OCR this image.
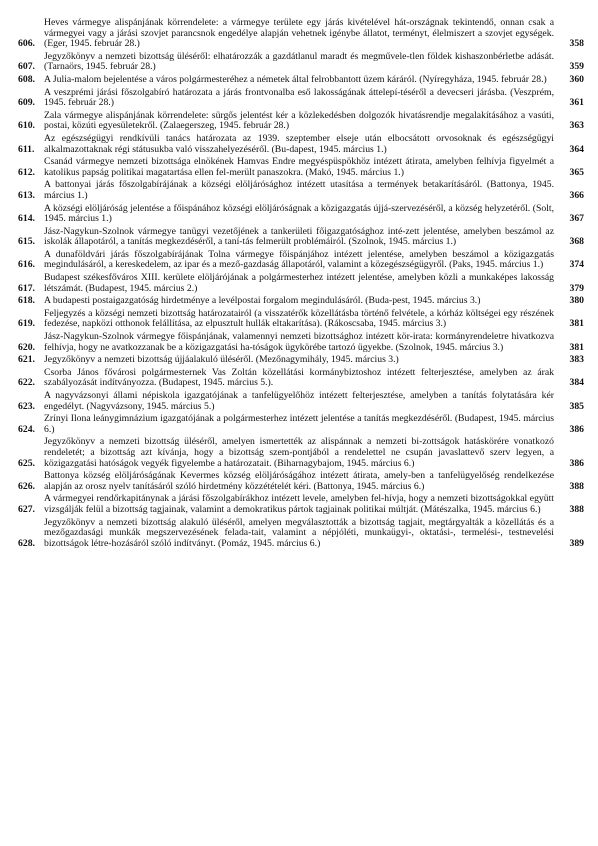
606.
Heves vármegye alispánjának körrendelete: a vármegye területe egy járás kivételével hát-országnak tekintendő, onnan csak a vármegyei vagy a járási szovjet parancsnok engedélye alapján vehetnek igénybe állatot, terményt, élelmiszert a szovjet egységek. (Eger, 1945. február 28.)	358
607.
Jegyzőkönyv a nemzeti bizottság üléséről: elhatározzák a gazdátlanul maradt és megművele-tlen földek kishaszonbérletbe adását. (Tarnaörs, 1945. február 28.)	359
608. A Julia-malom bejelentése a város polgármesteréhez a németek által felrobbantott üzem káráról. (Nyíregyháza, 1945. február 28.)	360
609.
A veszprémi járási főszolgabíró határozata a járás frontvonalba eső lakosságának áttelepí-téséről a devecseri járásba. (Veszprém, 1945. február 28.)	361
610.
Zala vármegye alispánjának körrendelete: sürgős jelentést kér a közlekedésben dolgozók hivatásrendje megalakításához a vasúti, postai, közúti egyesületekről. (Zalaegerszeg, 1945. február 28.)	363
611.
Az egészségügyi rendkívüli tanács határozata az 1939. szeptember elseje után elbocsátott orvosoknak és egészségügyi alkalmazottaknak régi státusukba való visszahelyezéséről. (Bu-dapest, 1945. március 1.)	364
612.
Csanád vármegye nemzeti bizottsága elnökének Hamvas Endre megyéspüspökhöz intézett átirata, amelyben felhívja figyelmét a katolikus papság politikai magatartása ellen fel-merült panaszokra. (Makó, 1945. március 1.)	365
613.
A battonyai járás főszolgabírájának a községi elöljárósághoz intézett utasítása a termények betakarításáról. (Battonya, 1945. március 1.)	366
614.
A községi elöljáróság jelentése a főispánához községi elöljáróságnak a közigazgatás újjá-szervezéséről, a község helyzetéről. (Solt, 1945. március 1.)	367
615.
Jász-Nagykun-Szolnok vármegye tanügyi vezetőjének a tankerületi főigazgatósághoz inté-zett jelentése, amelyben beszámol az iskolák állapotáról, a tanítás megkezdéséről, a taní-tás felmerült problémáiról. (Szolnok, 1945. március 1.)	368
616.
A dunaföldvári járás főszolgabírájának Tolna vármegye főispánjához intézett jelentése, amelyben beszámol a közigazgatás megindulásáról, a kereskedelem, az ipar és a mező-gazdaság állapotáról, valamint a közegészségügyről. (Paks, 1945. március 1.)	374
617.
Budapest székesfőváros XIII. kerülete elöljárójának a polgármesterhez intézett jelentése, amelyben közli a munkaképes lakosság létszámát. (Budapest, 1945. március 2.)	379
618. A budapesti postaigazgatóság hirdetménye a levélpostai forgalom megindulásáról. (Buda-pest, 1945. március 3.)	380
619.
Feljegyzés a községi nemzeti bizottság határozatairól (a visszatérők közellátásba történő felvétele, a kórház költségei egy részének fedezése, napközi otthonok felállítása, az elpusztult hullák eltakarítása). (Rákoscsaba, 1945. március 3.)	381
620.
Jász-Nagykun-Szolnok vármegye főispánjának, valamennyi nemzeti bizottsághoz intézett kör-irata: kormányrendeletre hivatkozva felhívja, hogy ne avatkozzanak be a közigazgatási ha-tóságok ügykörébe tartozó ügyekbe. (Szolnok, 1945. március 3.)	381
621. Jegyzőkönyv a nemzeti bizottság újjáalakuló üléséről. (Mezőnagymihály, 1945. március 3.)	383
622.
Csorba János fővárosi polgármesternek Vas Zoltán közellátási kormánybiztoshoz intézett felterjesztése, amelyben az árak szabályozását indítványozza. (Budapest, 1945. március 5.).	384
623.
A nagyvázsonyi állami népiskola igazgatójának a tanfelügyelőhöz intézett felterjesztése, amelyben a tanítás folytatására kér engedélyt. (Nagyvázsony, 1945. március 5.)	385
624.
Zrínyi Ilona leánygimnázium igazgatójának a polgármesterhez intézett jelentése a tanítás megkezdéséről. (Budapest, 1945. március 6.)	386
625.
Jegyzőkönyv a nemzeti bizottság üléséről, amelyen ismertették az alispánnak a nemzeti bi-zottságok hatáskörére vonatkozó rendeletét; a bizottság azt kívánja, hogy a bizottság szem-pontjából a rendelettel ne csupán javaslattevő szerv legyen, a közigazgatási hatóságok vegyék figyelembe a határozatait. (Biharnagybajom, 1945. március 6.)	386
626.
Battonya község elöljáróságának Kevermes község elöljáróságához intézett átirata, amely-ben a tanfelügyelőség rendelkezése alapján az orosz nyelv tanításáról szóló hirdetmény közzétételét kéri. (Battonya, 1945. március 6.)	388
627.
A vármegyei rendőrkapitánynak a járási főszolgabírákhoz intézett levele, amelyben fel-hívja, hogy a nemzeti bizottságokkal együtt vizsgálják felül a bizottság tagjainak, valamint a demokratikus pártok tagjainak politikai múltját. (Mátészalka, 1945. március 6.)	388
628.
Jegyzőkönyv a nemzeti bizottság alakuló üléséről, amelyen megválasztották a bizottság tagjait, megtárgyalták a közellátás és a mezőgazdasági munkák megszervezésének felada-tait, valamint a népjóléti, munkaügyi-, oktatási-, termelési-, testnevelési bizottságok létre-hozásáról szóló indítványt. (Pomáz, 1945. március 6.)	389
